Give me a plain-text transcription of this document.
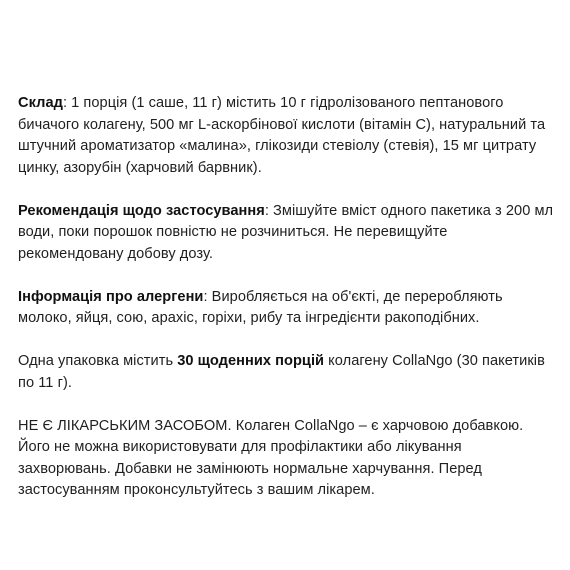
Склад: 1 порція (1 саше, 11 г) містить 10 г гідролізованого пептанового бичачого колагену, 500 мг L-аскорбінової кислоти (вітамін С), натуральний та штучний ароматизатор «малина», глікозиди стевіолу (стевія), 15 мг цитрату цинку, азорубін (харчовий барвник).

Рекомендація щодо застосування: Змішуйте вміст одного пакетика з 200 мл води, поки порошок повністю не розчиниться. Не перевищуйте рекомендовану добову дозу.

Інформація про алергени: Виробляється на об'єкті, де переробляють молоко, яйця, сою, арахіс, горіхи, рибу та інгредієнти ракоподібних.

Одна упаковка містить 30 щоденних порцій колагену CollaNgo (30 пакетиків по 11 г).

НЕ Є ЛІКАРСЬКИМ ЗАСОБОМ. Колаген CollaNgo – є харчовою добавкою. Його не можна використовувати для профілактики або лікування захворювань. Добавки не замінюють нормальне харчування. Перед застосуванням проконсультуйтесь з вашим лікарем.
